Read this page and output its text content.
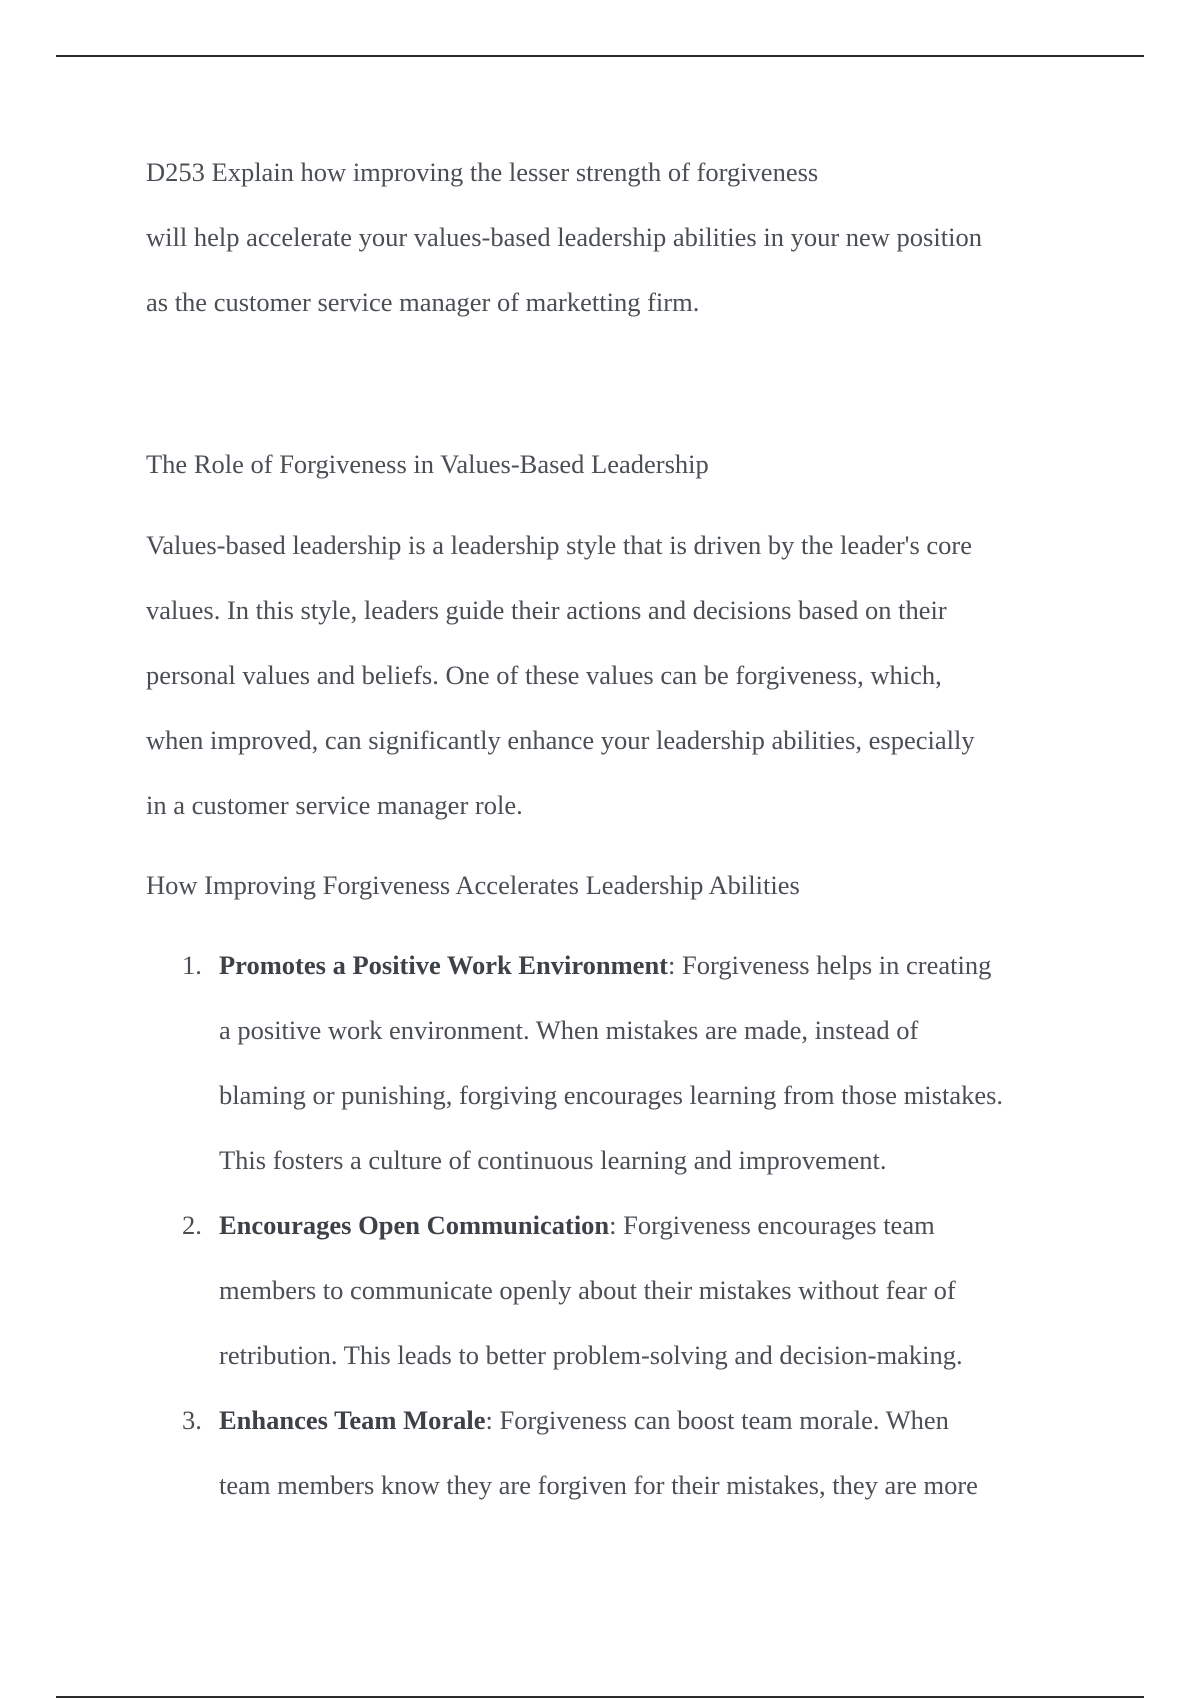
D253 Explain how improving the lesser strength of forgiveness
will help accelerate your values-based leadership abilities in your new position
as the customer service manager of marketting firm.
The Role of Forgiveness in Values-Based Leadership
Values-based leadership is a leadership style that is driven by the leader's core
values. In this style, leaders guide their actions and decisions based on their
personal values and beliefs. One of these values can be forgiveness, which,
when improved, can significantly enhance your leadership abilities, especially
in a customer service manager role.
How Improving Forgiveness Accelerates Leadership Abilities
1. Promotes a Positive Work Environment: Forgiveness helps in creating
a positive work environment. When mistakes are made, instead of
blaming or punishing, forgiving encourages learning from those mistakes.
This fosters a culture of continuous learning and improvement.
2. Encourages Open Communication: Forgiveness encourages team
members to communicate openly about their mistakes without fear of
retribution. This leads to better problem-solving and decision-making.
3. Enhances Team Morale: Forgiveness can boost team morale. When
team members know they are forgiven for their mistakes, they are more
